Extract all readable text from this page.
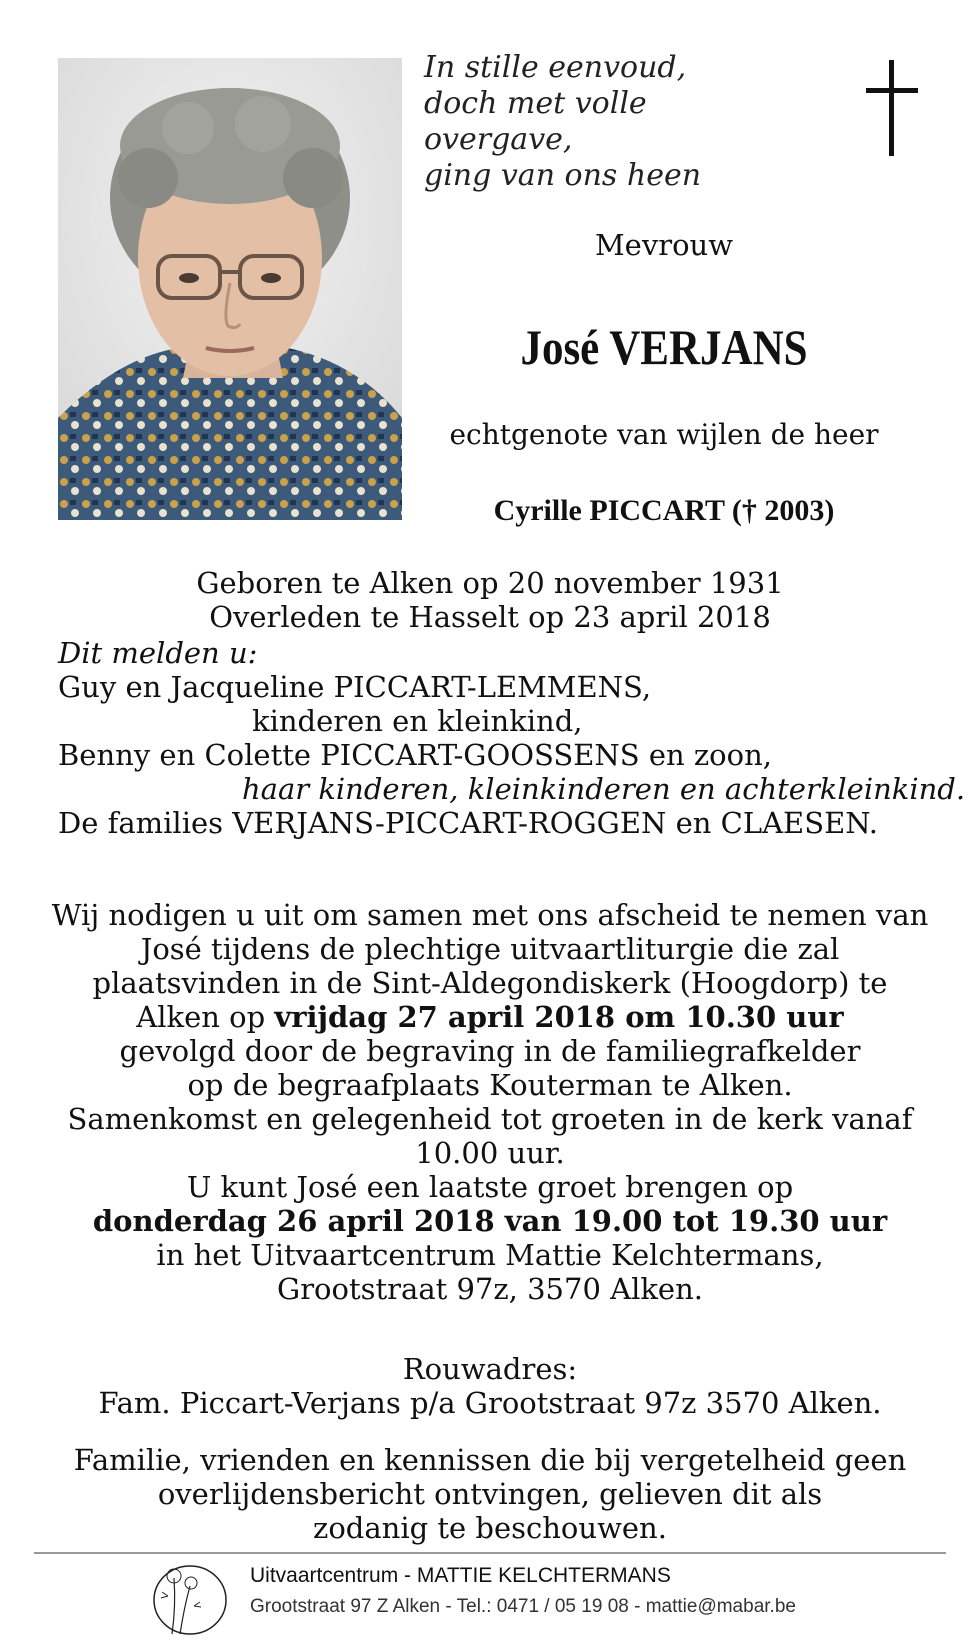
In stille eenvoud,
doch met volle overgave,
ging van ons heen
Mevrouw
José VERJANS
echtgenote van wijlen de heer
Cyrille PICCART († 2003)
Geboren te Alken op 20 november 1931
Overleden te Hasselt op 23 april 2018
Dit melden u:
Guy en Jacqueline PICCART-LEMMENS,
kinderen en kleinkind,
Benny en Colette PICCART-GOOSSENS en zoon,
haar kinderen, kleinkinderen en achterkleinkind.
De families VERJANS-PICCART-ROGGEN en CLAESEN.
Wij nodigen u uit om samen met ons afscheid te nemen van
José tijdens de plechtige uitvaartliturgie die zal
plaatsvinden in de Sint-Aldegondiskerk (Hoogdorp) te
Alken op vrijdag 27 april 2018 om 10.30 uur
gevolgd door de begraving in de familiegrafkelder
op de begraafplaats Kouterman te Alken.
Samenkomst en gelegenheid tot groeten in de kerk vanaf
10.00 uur.
U kunt José een laatste groet brengen op
donderdag 26 april 2018 van 19.00 tot 19.30 uur
in het Uitvaartcentrum Mattie Kelchtermans,
Grootstraat 97z, 3570 Alken.
Rouwadres:
Fam. Piccart-Verjans p/a Grootstraat 97z 3570 Alken.
Familie, vrienden en kennissen die bij vergetelheid geen
overlijdensbericht ontvingen, gelieven dit als
zodanig te beschouwen.
Uitvaartcentrum - MATTIE KELCHTERMANS
Grootstraat 97 Z Alken - Tel.: 0471 / 05 19 08 - mattie@mabar.be
